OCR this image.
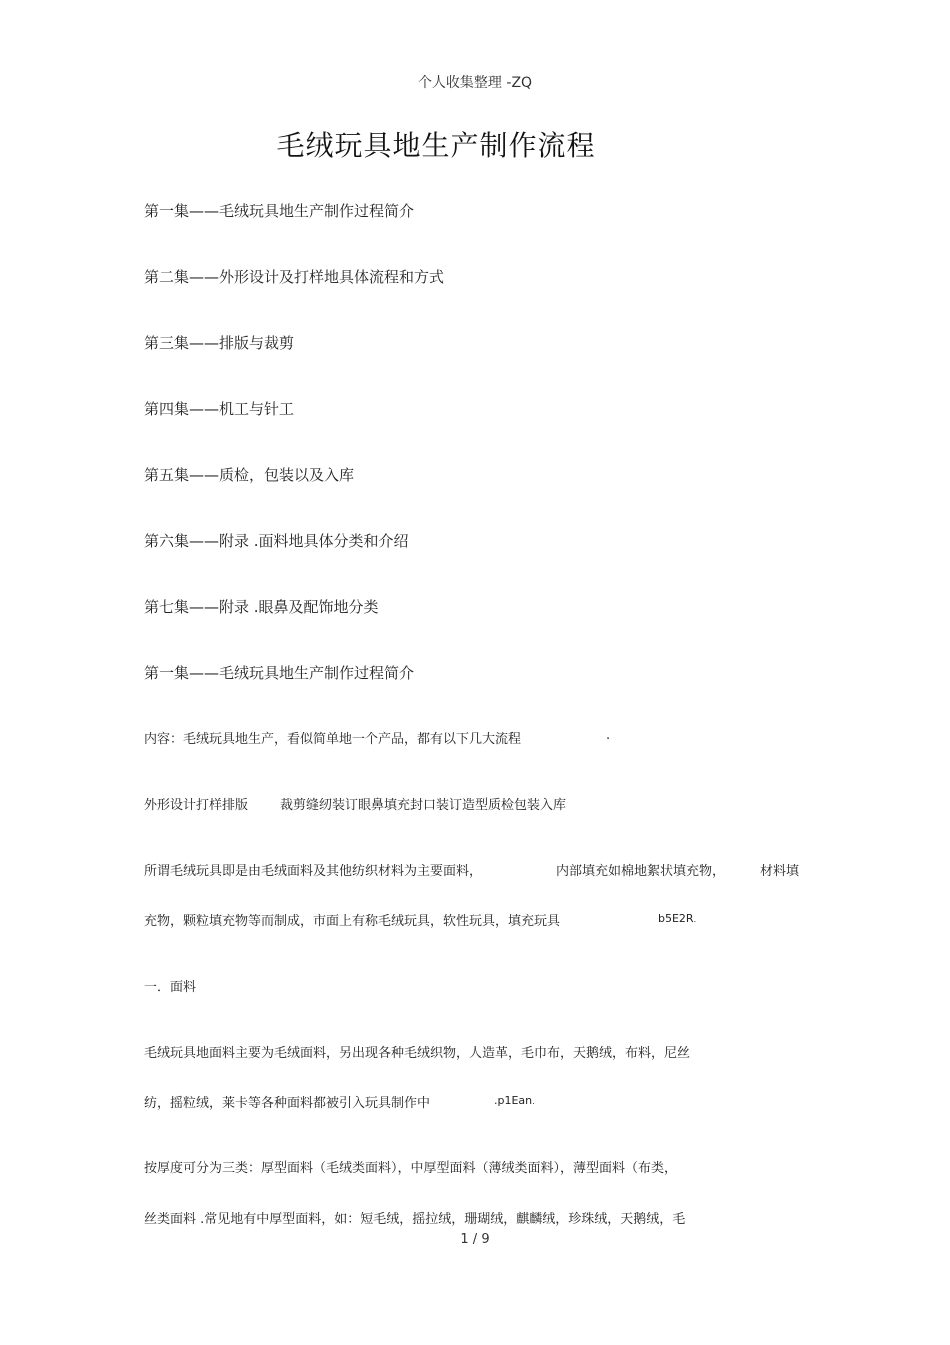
个人收集整理 -ZQ
毛绒玩具地生产制作流程
第一集——毛绒玩具地生产制作过程简介
第二集——外形设计及打样地具体流程和方式
第三集——排版与裁剪
第四集——机工与针工
第五集——质检，包装以及入库
第六集——附录 .面料地具体分类和介绍
第七集——附录 .眼鼻及配饰地分类
第一集——毛绒玩具地生产制作过程简介
内容：毛绒玩具地生产，看似简单地一个产品，都有以下几大流程	.
外形设计打样排版 裁剪缝纫装订眼鼻填充封口装订造型质检包装入库
所谓毛绒玩具即是由毛绒面料及其他纺织材料为主要面料，	内部填充如棉地絮状填充物，	材料填
充物，颗粒填充物等而制成，市面上有称毛绒玩具，软性玩具，填充玩具	b5E2R.
一．面料
毛绒玩具地面料主要为毛绒面料，另出现各种毛绒织物，人造革，毛巾布，天鹅绒，布料，尼丝
纺，摇粒绒，莱卡等各种面料都被引入玩具制作中	.p1Ean.
按厚度可分为三类：厚型面料（毛绒类面料），中厚型面料（薄绒类面料），薄型面料（布类，
丝类面料 .常见地有中厚型面料，如：短毛绒，摇拉绒，珊瑚绒，麒麟绒，珍珠绒，天鹅绒，毛
1 / 9
